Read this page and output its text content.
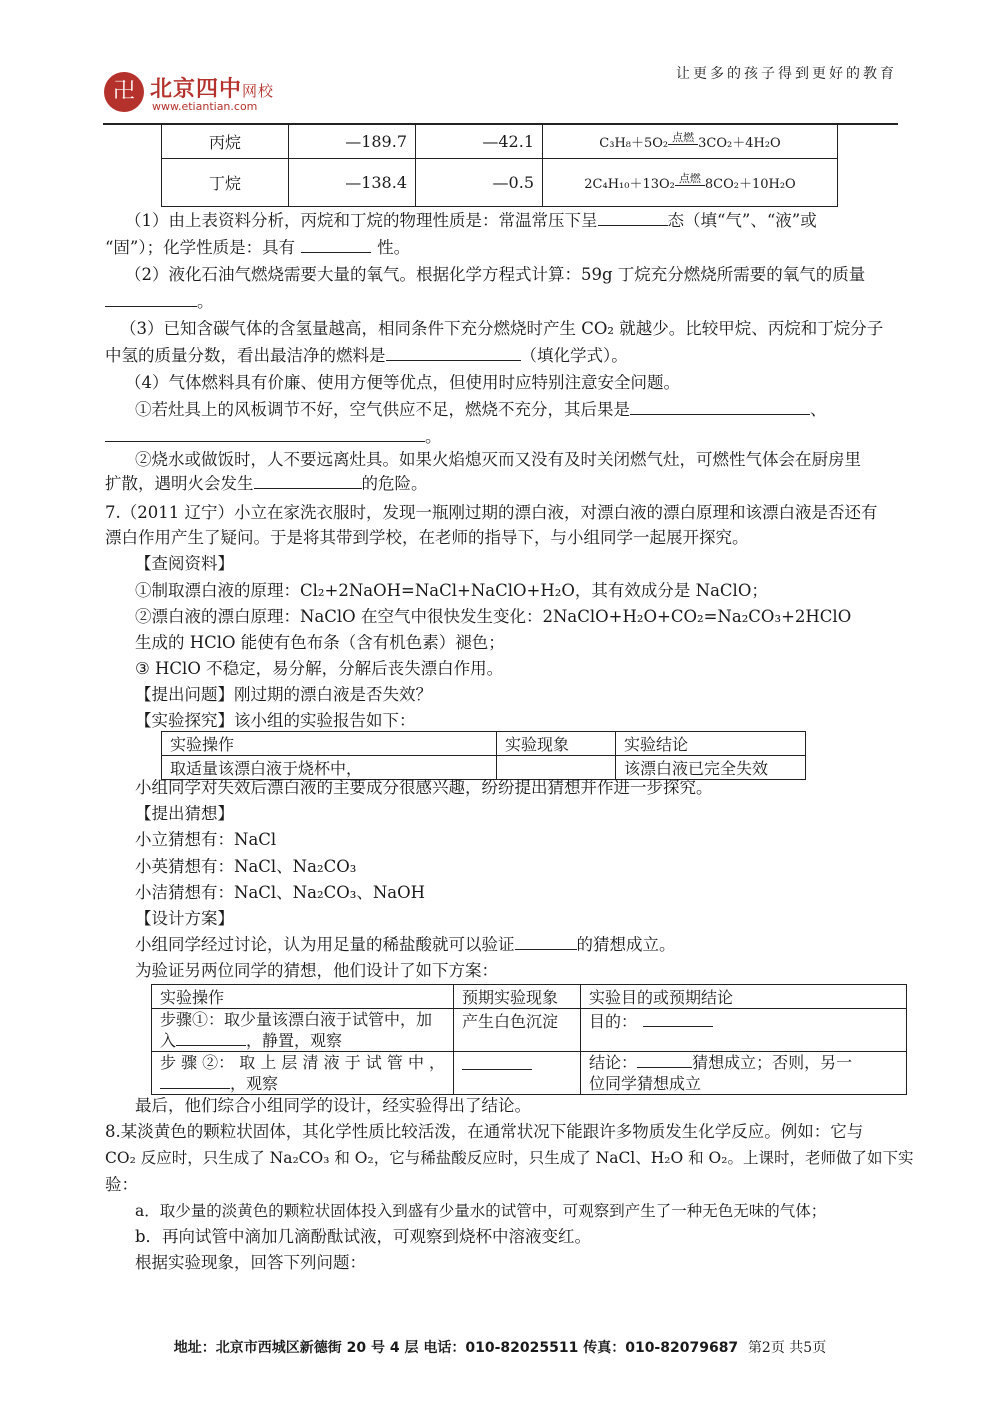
卍 北京四中网校
www.etiantian.com
让更多的孩子得到更好的教育
丙烷	—189.7	—42.1	C₃H₈＋5O₂ 点燃 3CO₂＋4H₂O
丁烷	—138.4	—0.5	2C₄H₁₀＋13O₂ 点燃 8CO₂＋10H₂O
（1）由上表资料分析，丙烷和丁烷的物理性质是：常温常压下呈	态（填“气”、“液”或
“固”）；化学性质是：具有	性。
（2）液化石油气燃烧需要大量的氧气。根据化学方程式计算：59g 丁烷充分燃烧所需要的氧气的质量
。
（3）已知含碳气体的含氢量越高，相同条件下充分燃烧时产生 CO₂ 就越少。比较甲烷、丙烷和丁烷分子
中氢的质量分数，看出最洁净的燃料是	（填化学式）。
（4）气体燃料具有价廉、使用方便等优点，但使用时应特别注意安全问题。
①若灶具上的风板调节不好，空气供应不足，燃烧不充分，其后果是	、
。
②烧水或做饭时，人不要远离灶具。如果火焰熄灭而又没有及时关闭燃气灶，可燃性气体会在厨房里
扩散，遇明火会发生	的危险。
7.（2011 辽宁）小立在家洗衣服时，发现一瓶刚过期的漂白液，对漂白液的漂白原理和该漂白液是否还有
漂白作用产生了疑问。于是将其带到学校，在老师的指导下，与小组同学一起展开探究。
【查阅资料】
①制取漂白液的原理：Cl₂+2NaOH=NaCl+NaClO+H₂O，其有效成分是 NaClO；
②漂白液的漂白原理：NaClO 在空气中很快发生变化：2NaClO+H₂O+CO₂=Na₂CO₃+2HClO
生成的 HClO 能使有色布条（含有机色素）褪色；
③ HClO 不稳定，易分解，分解后丧失漂白作用。
【提出问题】刚过期的漂白液是否失效？
【实验探究】该小组的实验报告如下：
实验操作	实验现象	实验结论
取适量该漂白液于烧杯中，		该漂白液已完全失效
小组同学对失效后漂白液的主要成分很感兴趣，纷纷提出猜想并作进一步探究。
【提出猜想】
小立猜想有：NaCl
小英猜想有：NaCl、Na₂CO₃
小洁猜想有：NaCl、Na₂CO₃、NaOH
【设计方案】
小组同学经过讨论，认为用足量的稀盐酸就可以验证	的猜想成立。
为验证另两位同学的猜想，他们设计了如下方案：
实验操作	预期实验现象	实验目的或预期结论
步骤①：取少量该漂白液于试管中，加
入 ，静置，观察	产生白色沉淀	目的：
步 骤 ②： 取 上 层 清 液 于 试 管 中 ，
，观察		结论： 猜想成立；否则，另一
位同学猜想成立
最后，他们综合小组同学的设计，经实验得出了结论。
8.某淡黄色的颗粒状固体，其化学性质比较活泼，在通常状况下能跟许多物质发生化学反应。例如：它与
CO₂ 反应时，只生成了 Na₂CO₃ 和 O₂，它与稀盐酸反应时，只生成了 NaCl、H₂O 和 O₂。上课时，老师做了如下实
验：
a．取少量的淡黄色的颗粒状固体投入到盛有少量水的试管中，可观察到产生了一种无色无味的气体；
b．再向试管中滴加几滴酚酞试液，可观察到烧杯中溶液变红。
根据实验现象，回答下列问题：
地址：北京市西城区新德街 20 号 4 层 电话：010-82025511 传真：010-82079687 第2页 共5页
